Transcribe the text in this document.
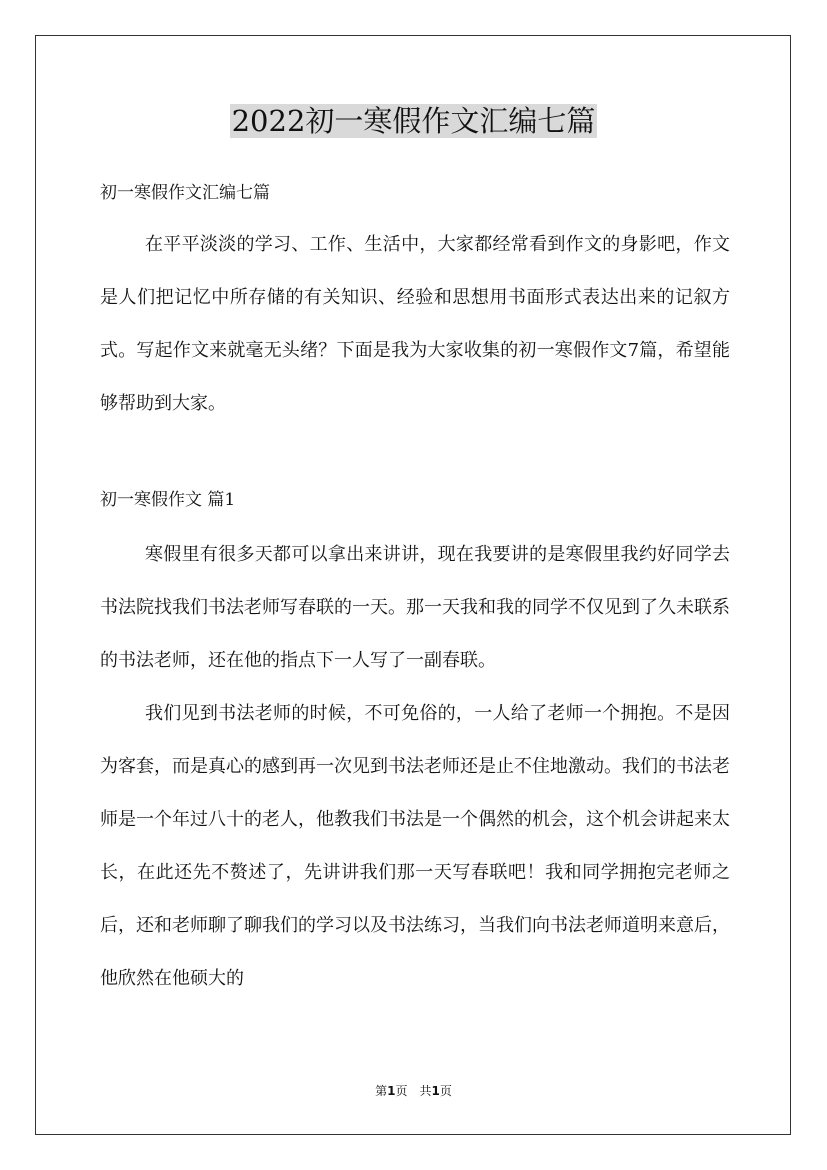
2022初一寒假作文汇编七篇

初一寒假作文汇编七篇

在平平淡淡的学习、工作、生活中，大家都经常看到作文的身影吧，作文是人们把记忆中所存储的有关知识、经验和思想用书面形式表达出来的记叙方式。写起作文来就毫无头绪？下面是我为大家收集的初一寒假作文7篇，希望能够帮助到大家。

初一寒假作文 篇1

寒假里有很多天都可以拿出来讲讲，现在我要讲的是寒假里我约好同学去书法院找我们书法老师写春联的一天。那一天我和我的同学不仅见到了久未联系的书法老师，还在他的指点下一人写了一副春联。

我们见到书法老师的时候，不可免俗的，一人给了老师一个拥抱。不是因为客套，而是真心的感到再一次见到书法老师还是止不住地激动。我们的书法老师是一个年过八十的老人，他教我们书法是一个偶然的机会，这个机会讲起来太长，在此还先不赘述了，先讲讲我们那一天写春联吧！我和同学拥抱完老师之后，还和老师聊了聊我们的学习以及书法练习，当我们向书法老师道明来意后，他欣然在他硕大的

第1页　共1页
